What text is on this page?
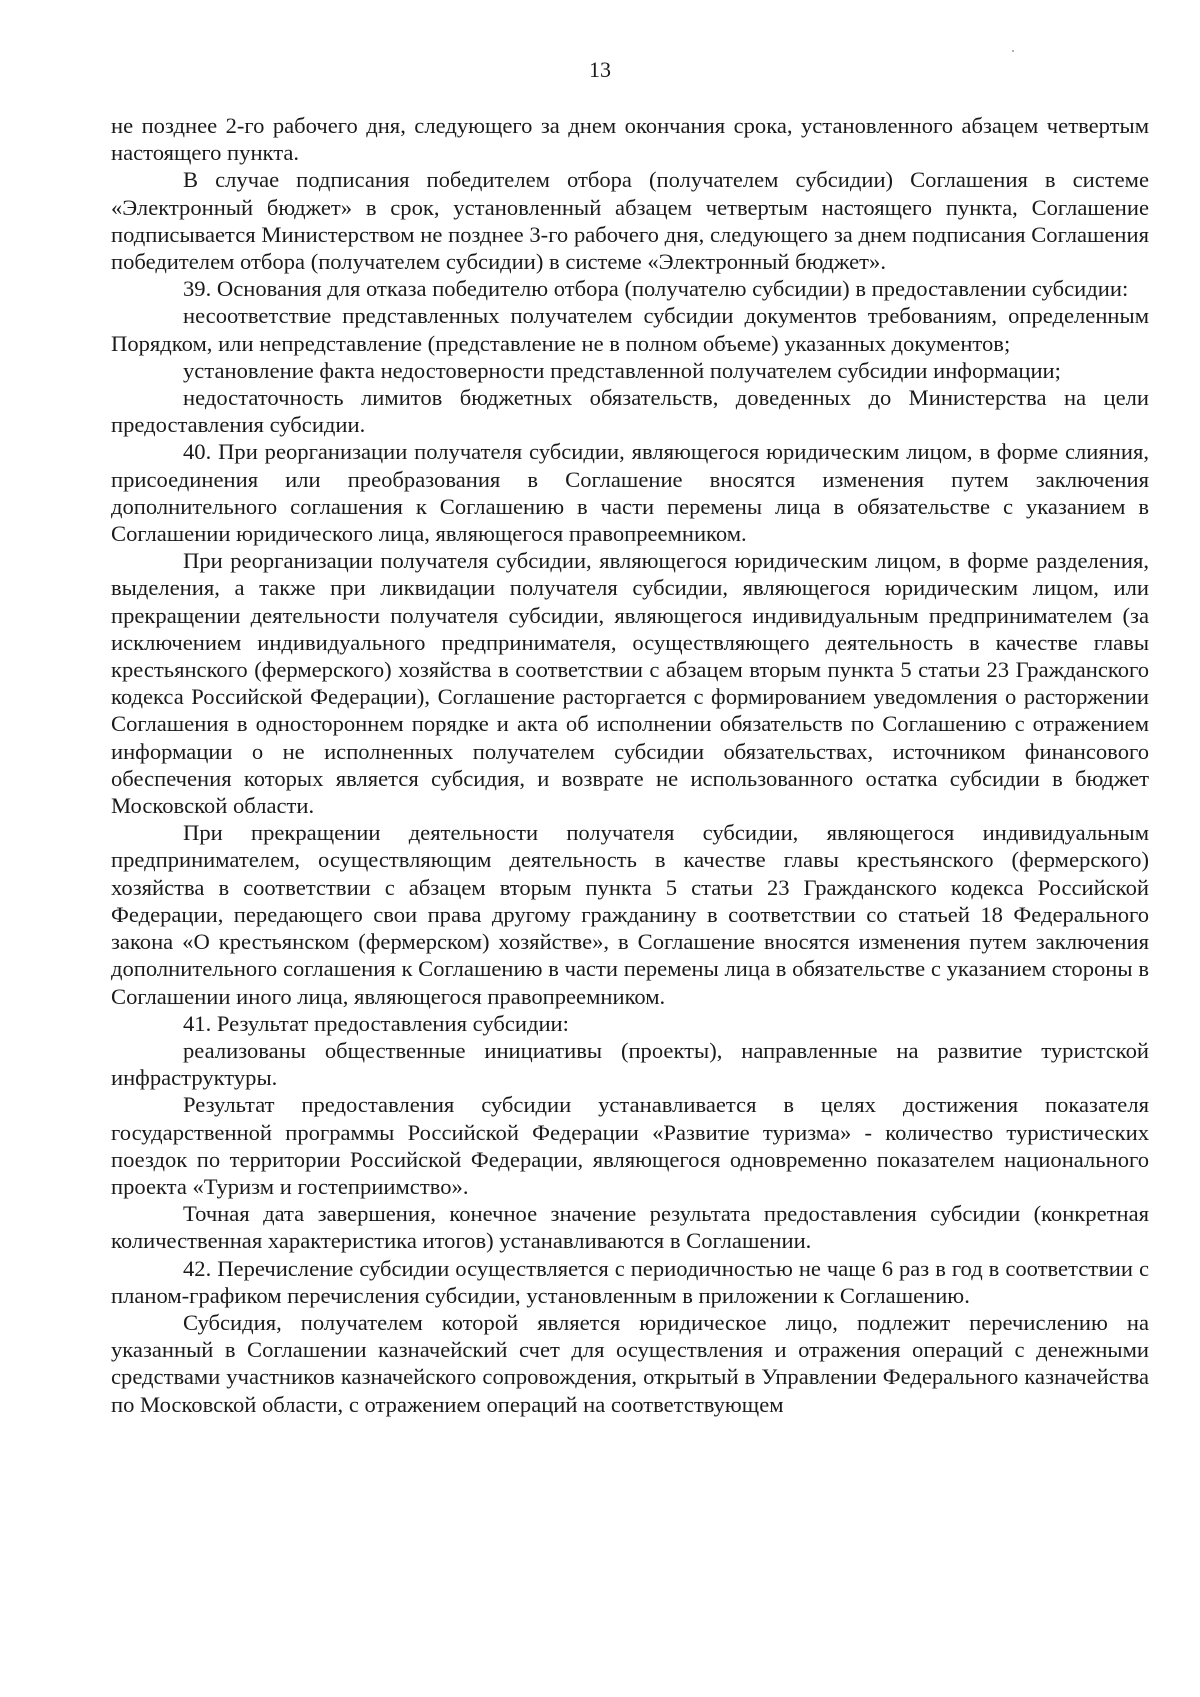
13

не позднее 2-го рабочего дня, следующего за днем окончания срока, установленного абзацем четвертым настоящего пункта.

В случае подписания победителем отбора (получателем субсидии) Соглашения в системе «Электронный бюджет» в срок, установленный абзацем четвертым настоящего пункта, Соглашение подписывается Министерством не позднее 3-го рабочего дня, следующего за днем подписания Соглашения победителем отбора (получателем субсидии) в системе «Электронный бюджет».

39. Основания для отказа победителю отбора (получателю субсидии) в предоставлении субсидии:

несоответствие представленных получателем субсидии документов требованиям, определенным Порядком, или непредставление (представление не в полном объеме) указанных документов;

установление факта недостоверности представленной получателем субсидии информации;

недостаточность лимитов бюджетных обязательств, доведенных до Министерства на цели предоставления субсидии.

40. При реорганизации получателя субсидии, являющегося юридическим лицом, в форме слияния, присоединения или преобразования в Соглашение вносятся изменения путем заключения дополнительного соглашения к Соглашению в части перемены лица в обязательстве с указанием в Соглашении юридического лица, являющегося правопреемником.

При реорганизации получателя субсидии, являющегося юридическим лицом, в форме разделения, выделения, а также при ликвидации получателя субсидии, являющегося юридическим лицом, или прекращении деятельности получателя субсидии, являющегося индивидуальным предпринимателем (за исключением индивидуального предпринимателя, осуществляющего деятельность в качестве главы крестьянского (фермерского) хозяйства в соответствии с абзацем вторым пункта 5 статьи 23 Гражданского кодекса Российской Федерации), Соглашение расторгается с формированием уведомления о расторжении Соглашения в одностороннем порядке и акта об исполнении обязательств по Соглашению с отражением информации о не исполненных получателем субсидии обязательствах, источником финансового обеспечения которых является субсидия, и возврате не использованного остатка субсидии в бюджет Московской области.

При прекращении деятельности получателя субсидии, являющегося индивидуальным предпринимателем, осуществляющим деятельность в качестве главы крестьянского (фермерского) хозяйства в соответствии с абзацем вторым пункта 5 статьи 23 Гражданского кодекса Российской Федерации, передающего свои права другому гражданину в соответствии со статьей 18 Федерального закона «О крестьянском (фермерском) хозяйстве», в Соглашение вносятся изменения путем заключения дополнительного соглашения к Соглашению в части перемены лица в обязательстве с указанием стороны в Соглашении иного лица, являющегося правопреемником.

41. Результат предоставления субсидии:

реализованы общественные инициативы (проекты), направленные на развитие туристской инфраструктуры.

Результат предоставления субсидии устанавливается в целях достижения показателя государственной программы Российской Федерации «Развитие туризма» - количество туристических поездок по территории Российской Федерации, являющегося одновременно показателем национального проекта «Туризм и гостеприимство».

Точная дата завершения, конечное значение результата предоставления субсидии (конкретная количественная характеристика итогов) устанавливаются в Соглашении.

42. Перечисление субсидии осуществляется с периодичностью не чаще 6 раз в год в соответствии с планом-графиком перечисления субсидии, установленным в приложении к Соглашению.

Субсидия, получателем которой является юридическое лицо, подлежит перечислению на указанный в Соглашении казначейский счет для осуществления и отражения операций с денежными средствами участников казначейского сопровождения, открытый в Управлении Федерального казначейства по Московской области, с отражением операций на соответствующем
